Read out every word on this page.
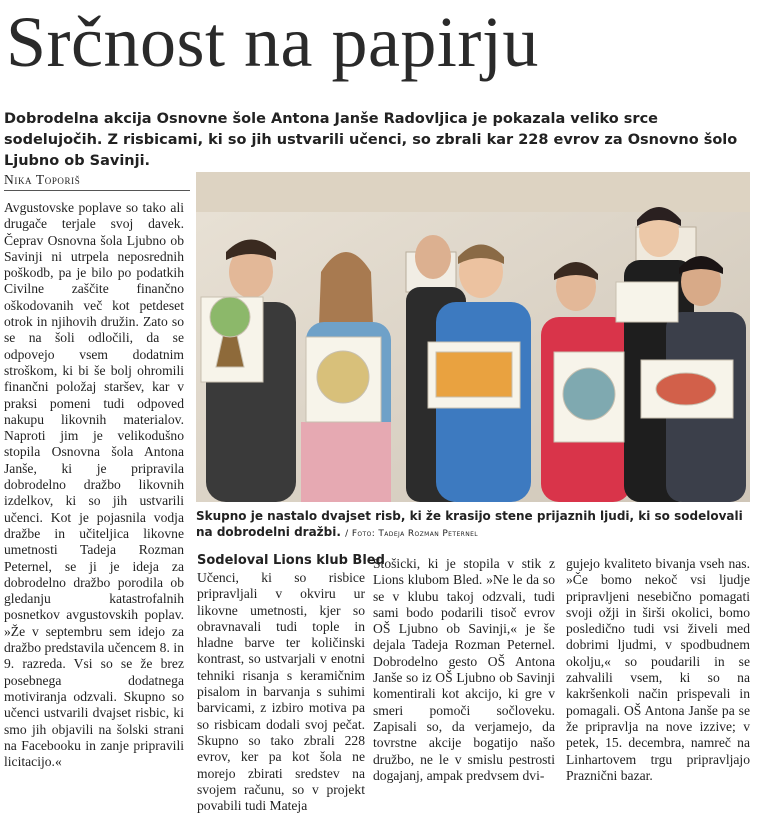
Srčnost na papirju
Dobrodelna akcija Osnovne šole Antona Janše Radovljica je pokazala veliko srce sodelujočih. Z risbicami, ki so jih ustvarili učenci, so zbrali kar 228 evrov za Osnovno šolo Ljubno ob Savinji.
Nika Toporiš
Avgustovske poplave so tako ali drugače terjale svoj davek. Čeprav Osnovna šola Ljubno ob Savinji ni utrpela neposrednih poškodb, pa je bilo po podatkih Civilne zaščite finančno oškodovanih več kot petdeset otrok in njihovih družin. Zato so se na šoli odločili, da se odpovejo vsem dodatnim stroškom, ki bi še bolj ohromili finančni položaj staršev, kar v praksi pomeni tudi odpoved nakupu likovnih materialov. Naproti jim je velikodušno stopila Osnovna šola Antona Janše, ki je pripravila dobrodelno dražbo likovnih izdelkov, ki so jih ustvarili učenci. Kot je pojasnila vodja dražbe in učiteljica likovne umetnosti Tadeja Rozman Peternel, se ji je ideja za dobrodelno dražbo porodila ob gledanju katastrofalnih posnetkov avgustovskih poplav. »Že v septembru sem idejo za dražbo predstavila učencem 8. in 9. razreda. Vsi so se že brez posebnega dodatnega motiviranja odzvali. Skupno so učenci ustvarili dvajset risbic, ki smo jih objavili na šolski strani na Facebooku in zanje pripravili licitacijo.«
Skupno je nastalo dvajset risb, ki že krasijo stene prijaznih ljudi, ki so sodelovali na dobrodelni dražbi. / Foto: Tadeja Rozman Peternel
Sodeloval Lions klub Bled
Učenci, ki so risbice pripravljali v okviru ur likovne umetnosti, kjer so obravnavali tudi tople in hladne barve ter količinski kontrast, so ustvarjali v enotni tehniki risanja s keramičnim pisalom in barvanja s suhimi barvicami, z izbiro motiva pa so risbicam dodali svoj pečat. Skupno so tako zbrali 228 evrov, ker pa kot šola ne morejo zbirati sredstev na svojem računu, so v projekt povabili tudi Mateja
Stošicki, ki je stopila v stik z Lions klubom Bled. »Ne le da so se v klubu takoj odzvali, tudi sami bodo podarili tisoč evrov OŠ Ljubno ob Savinji,« je še dejala Tadeja Rozman Peternel. Dobrodelno gesto OŠ Antona Janše so iz OŠ Ljubno ob Savinji komentirali kot akcijo, ki gre v smeri pomoči sočloveku. Zapisali so, da verjamejo, da tovrstne akcije bogatijo našo družbo, ne le v smislu pestrosti dogajanj, ampak predvsem dvi-
gujejo kvaliteto bivanja vseh nas. »Če bomo nekoč vsi ljudje pripravljeni nesebično pomagati svoji ožji in širši okolici, bomo posledično tudi vsi živeli med dobrimi ljudmi, v spodbudnem okolju,« so poudarili in se zahvalili vsem, ki so na kakršenkoli način prispevali in pomagali. OŠ Antona Janše pa se že pripravlja na nove izzive; v petek, 15. decembra, namreč na Linhartovem trgu pripravljajo Praznični bazar.
